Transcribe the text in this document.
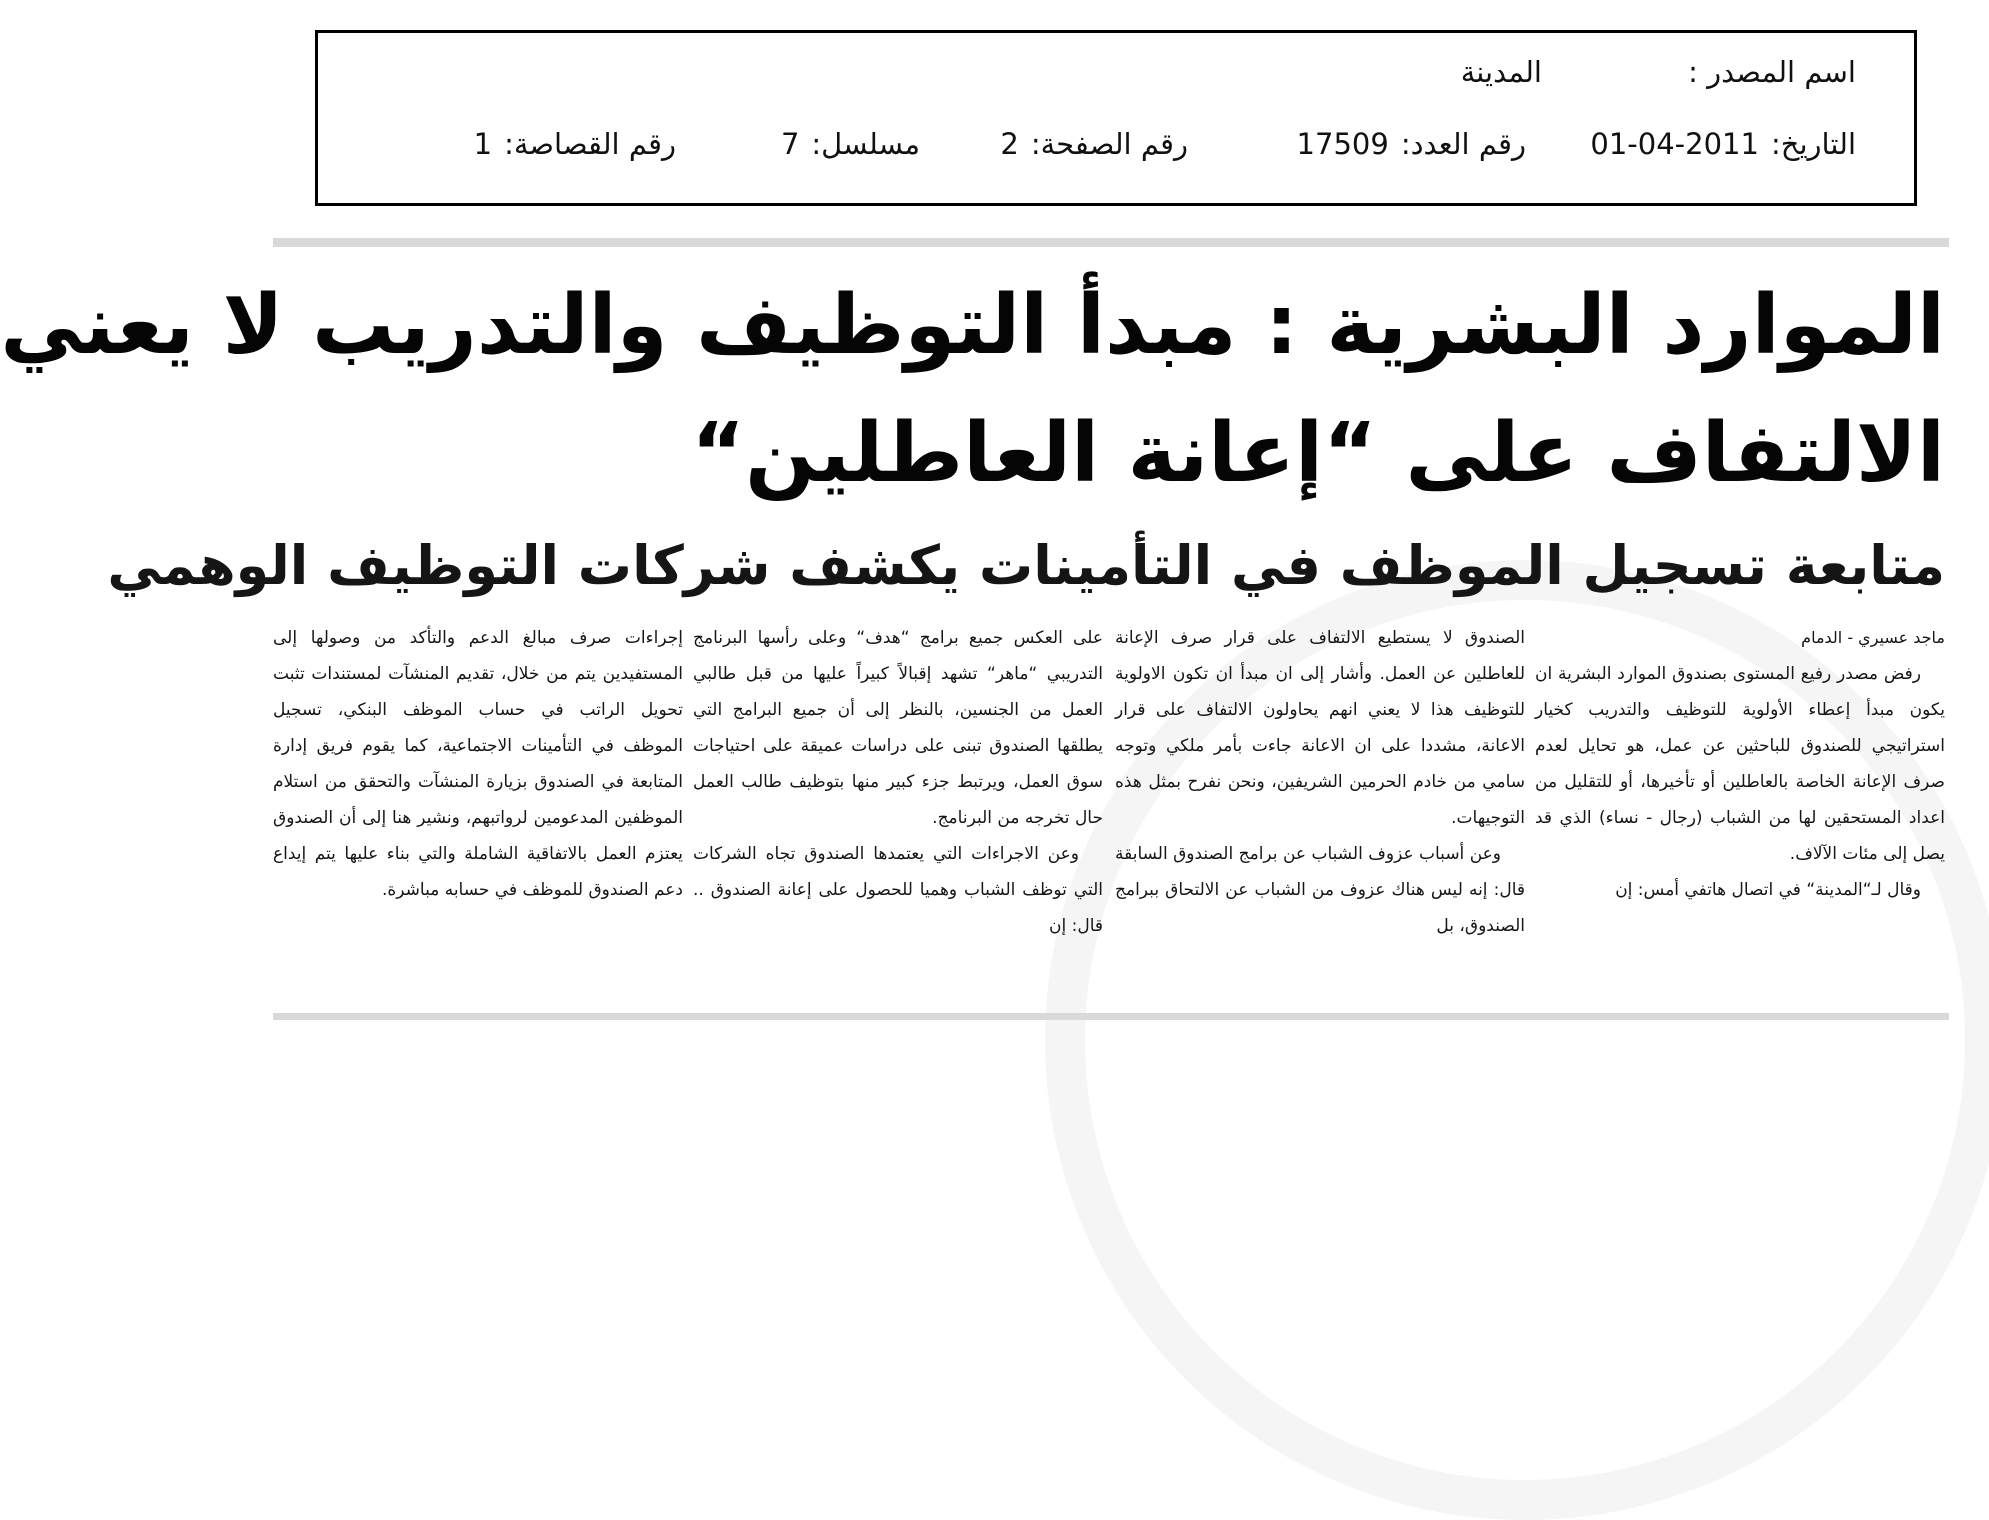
اسم المصدر :
المدينة
التاريخ:2011-04-01
رقم العدد:17509
رقم الصفحة:2
مسلسل:7
رقم القصاصة:1
الموارد البشرية : مبدأ التوظيف والتدريب لا يعني
الالتفاف على “إعانة العاطلين“
متابعة تسجيل الموظف في التأمينات يكشف شركات التوظيف الوهمي

ماجد عسيري - الدمام

رفض مصدر رفيع المستوى بصندوق الموارد البشرية ان يكون مبدأ إعطاء الأولوية للتوظيف والتدريب كخيار استراتيجي للصندوق للباحثين عن عمل، هو تحايل لعدم صرف الإعانة الخاصة بالعاطلين أو تأخيرها، أو للتقليل من اعداد المستحقين لها من الشباب (رجال - نساء) الذي قد يصل إلى مئات الآلاف.

وقال لـ“المدينة“ في اتصال هاتفي أمس: إن

الصندوق لا يستطيع الالتفاف على قرار صرف الإعانة للعاطلين عن العمل. وأشار إلى ان مبدأ ان تكون الاولوية للتوظيف هذا لا يعني انهم يحاولون الالتفاف على قرار الاعانة، مشددا على ان الاعانة جاءت بأمر ملكي وتوجه سامي من خادم الحرمين الشريفين، ونحن نفرح بمثل هذه التوجيهات.

وعن أسباب عزوف الشباب عن برامج الصندوق السابقة قال: إنه ليس هناك عزوف من الشباب عن الالتحاق ببرامج الصندوق، بل

على العكس جميع برامج “هدف“ وعلى رأسها البرنامج التدريبي “ماهر“ تشهد إقبالاً كبيراً عليها من قبل طالبي العمل من الجنسين، بالنظر إلى أن جميع البرامج التي يطلقها الصندوق تبنى على دراسات عميقة على احتياجات سوق العمل، ويرتبط جزء كبير منها بتوظيف طالب العمل حال تخرجه من البرنامج.

وعن الاجراءات التي يعتمدها الصندوق تجاه الشركات التي توظف الشباب وهميا للحصول على إعانة الصندوق .. قال: إن

إجراءات صرف مبالغ الدعم والتأكد من وصولها إلى المستفيدين يتم من خلال، تقديم المنشآت لمستندات تثبت تحويل الراتب في حساب الموظف البنكي، تسجيل الموظف في التأمينات الاجتماعية، كما يقوم فريق إدارة المتابعة في الصندوق بزيارة المنشآت والتحقق من استلام الموظفين المدعومين لرواتبهم، ونشير هنا إلى أن الصندوق يعتزم العمل بالاتفاقية الشاملة والتي بناء عليها يتم إيداع دعم الصندوق للموظف في حسابه مباشرة.
